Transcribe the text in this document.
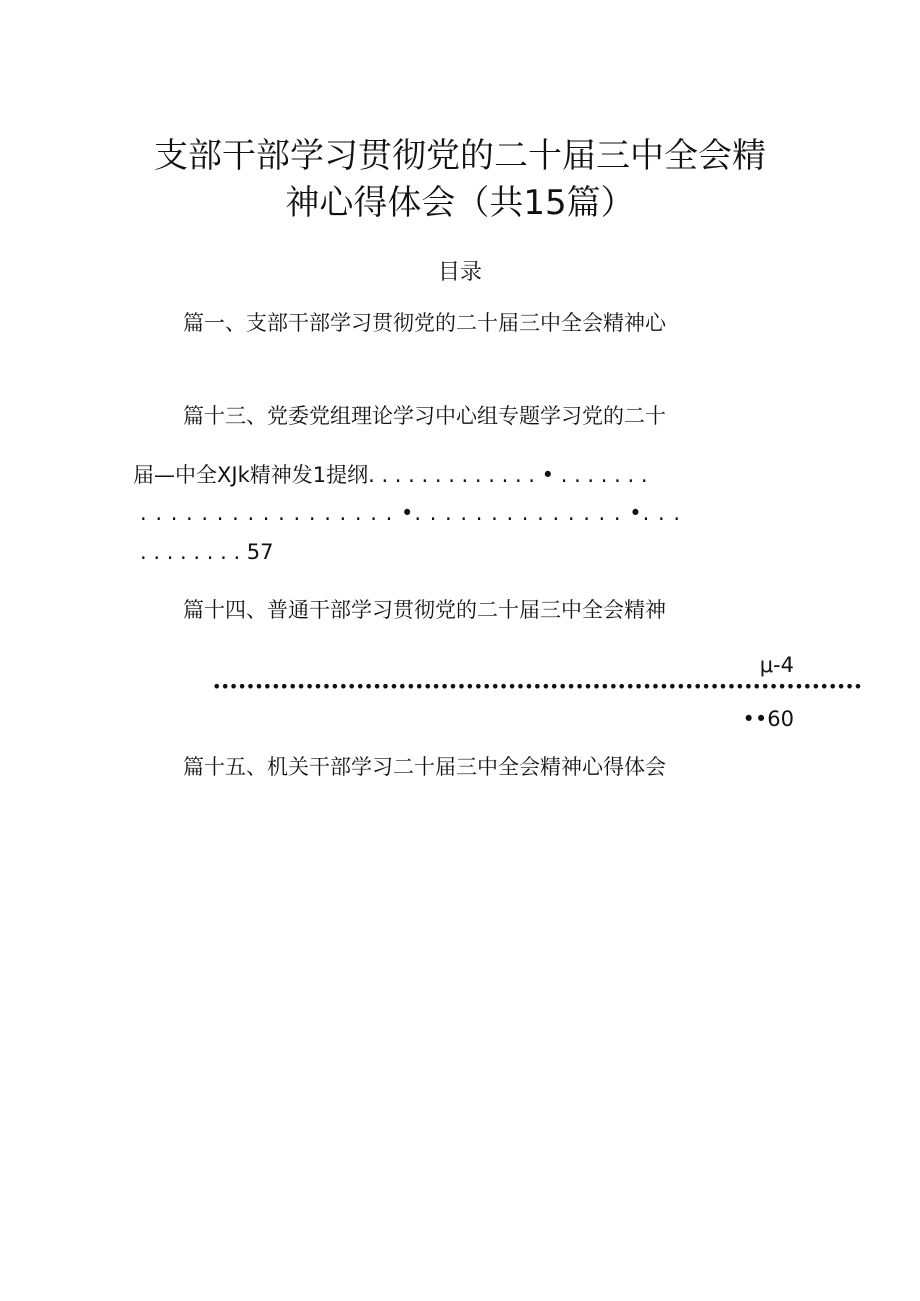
支部干部学习贯彻党的二十届三中全会精
神心得体会（共15篇）
目录
篇一、支部干部学习贯彻党的二十届三中全会精神心
篇十三、党委党组理论学习中心组专题学习党的二十
届—中全XJk精神发1提纲. . . . . . . . . . . . . • . . . . . . .
. . . . . . . . . . . . . . . . . •. . . . . . . . . . . . . . •. . .
. . . . . . . . 57
篇十四、普通干部学习贯彻党的二十届三中全会精神
μ-4
•••••••••••••••••••••••••••••••••••••••••••••••••••••••••••••••••••••••••••••
••60
篇十五、机关干部学习二十届三中全会精神心得体会
